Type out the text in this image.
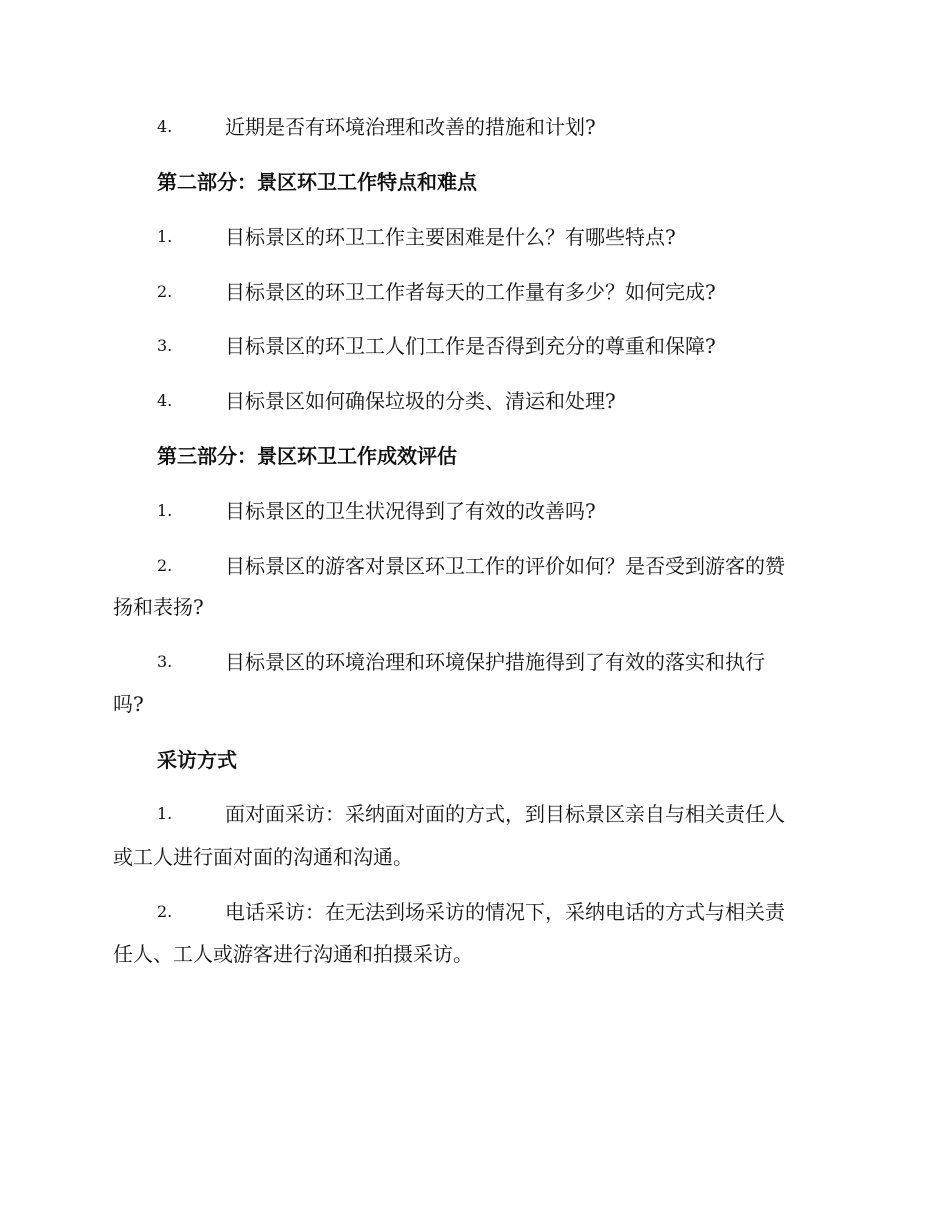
4.	近期是否有环境治理和改善的措施和计划?
第二部分：景区环卫工作特点和难点
1.	目标景区的环卫工作主要困难是什么？有哪些特点?
2.	目标景区的环卫工作者每天的工作量有多少？如何完成?
3.	目标景区的环卫工人们工作是否得到充分的尊重和保障?
4.	目标景区如何确保垃圾的分类、清运和处理?
第三部分：景区环卫工作成效评估
1.	目标景区的卫生状况得到了有效的改善吗?
2.	目标景区的游客对景区环卫工作的评价如何？是否受到游客的赞
扬和表扬?
3.	目标景区的环境治理和环境保护措施得到了有效的落实和执行
吗?
采访方式
1.	面对面采访：采纳面对面的方式，到目标景区亲自与相关责任人
或工人进行面对面的沟通和沟通。
2.	电话采访：在无法到场采访的情况下，采纳电话的方式与相关责
任人、工人或游客进行沟通和拍摄采访。
